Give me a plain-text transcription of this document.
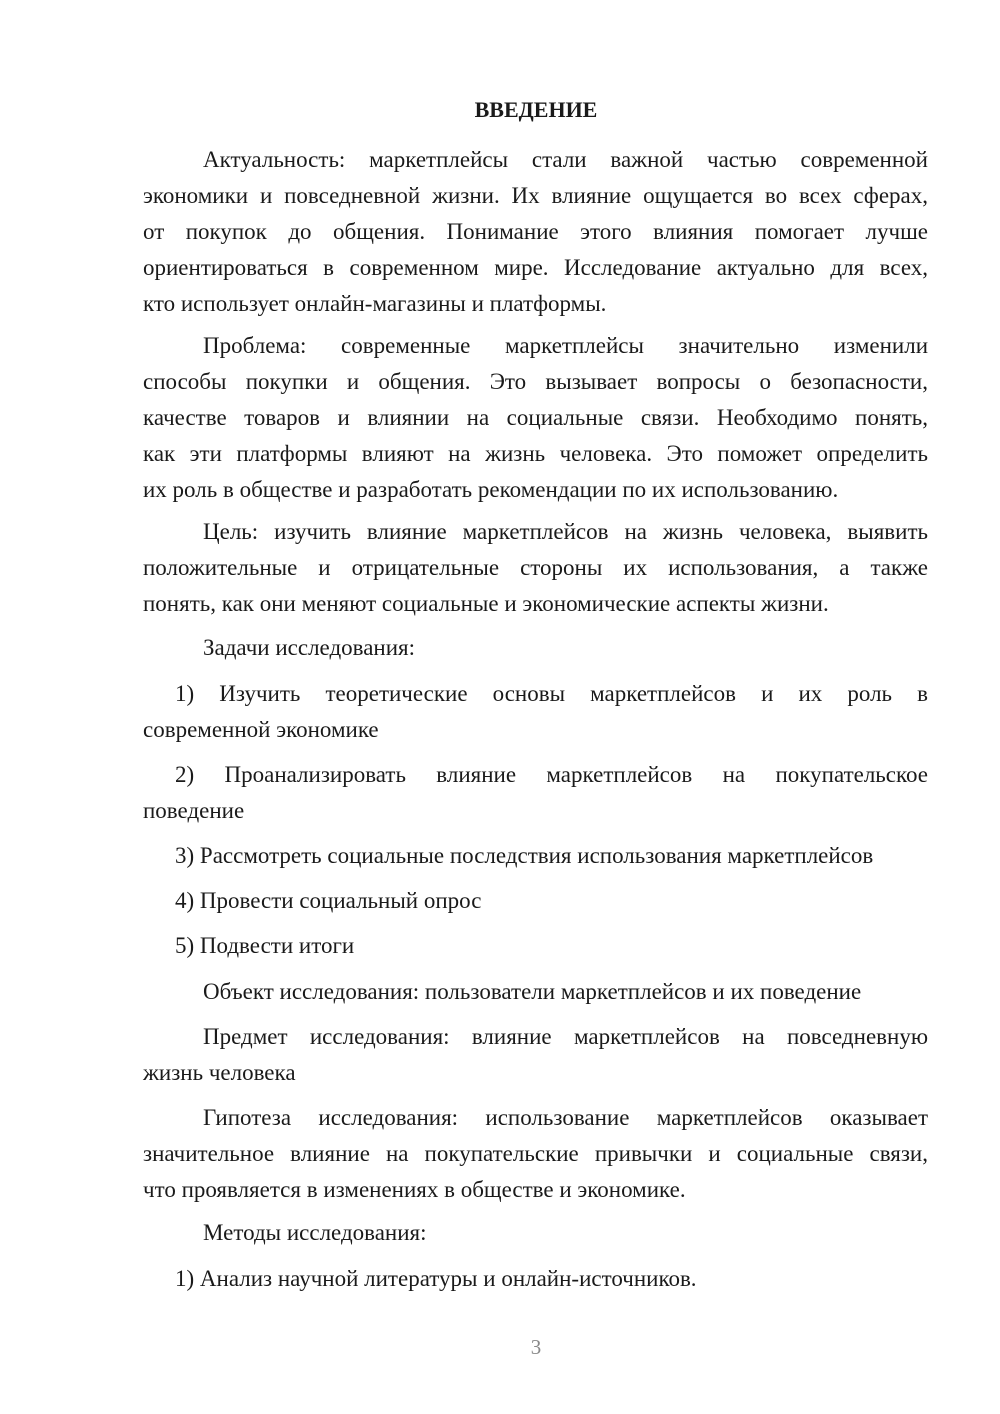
ВВЕДЕНИЕ
Актуальность: маркетплейсы стали важной частью современной
экономики и повседневной жизни. Их влияние ощущается во всех сферах,
от покупок до общения. Понимание этого влияния помогает лучше
ориентироваться в современном мире. Исследование актуально для всех,
кто использует онлайн-магазины и платформы.
Проблема: современные маркетплейсы значительно изменили
способы покупки и общения. Это вызывает вопросы о безопасности,
качестве товаров и влиянии на социальные связи. Необходимо понять,
как эти платформы влияют на жизнь человека. Это поможет определить
их роль в обществе и разработать рекомендации по их использованию.
Цель: изучить влияние маркетплейсов на жизнь человека, выявить
положительные и отрицательные стороны их использования, а также
понять, как они меняют социальные и экономические аспекты жизни.
Задачи исследования:
1) Изучить теоретические основы маркетплейсов и их роль в
современной экономике
2) Проанализировать влияние маркетплейсов на покупательское
поведение
3) Рассмотреть социальные последствия использования маркетплейсов
4) Провести социальный опрос
5) Подвести итоги
Объект исследования: пользователи маркетплейсов и их поведение
Предмет исследования: влияние маркетплейсов на повседневную
жизнь человека
Гипотеза исследования: использование маркетплейсов оказывает
значительное влияние на покупательские привычки и социальные связи,
что проявляется в изменениях в обществе и экономике.
Методы исследования:
1) Анализ научной литературы и онлайн-источников.
3
